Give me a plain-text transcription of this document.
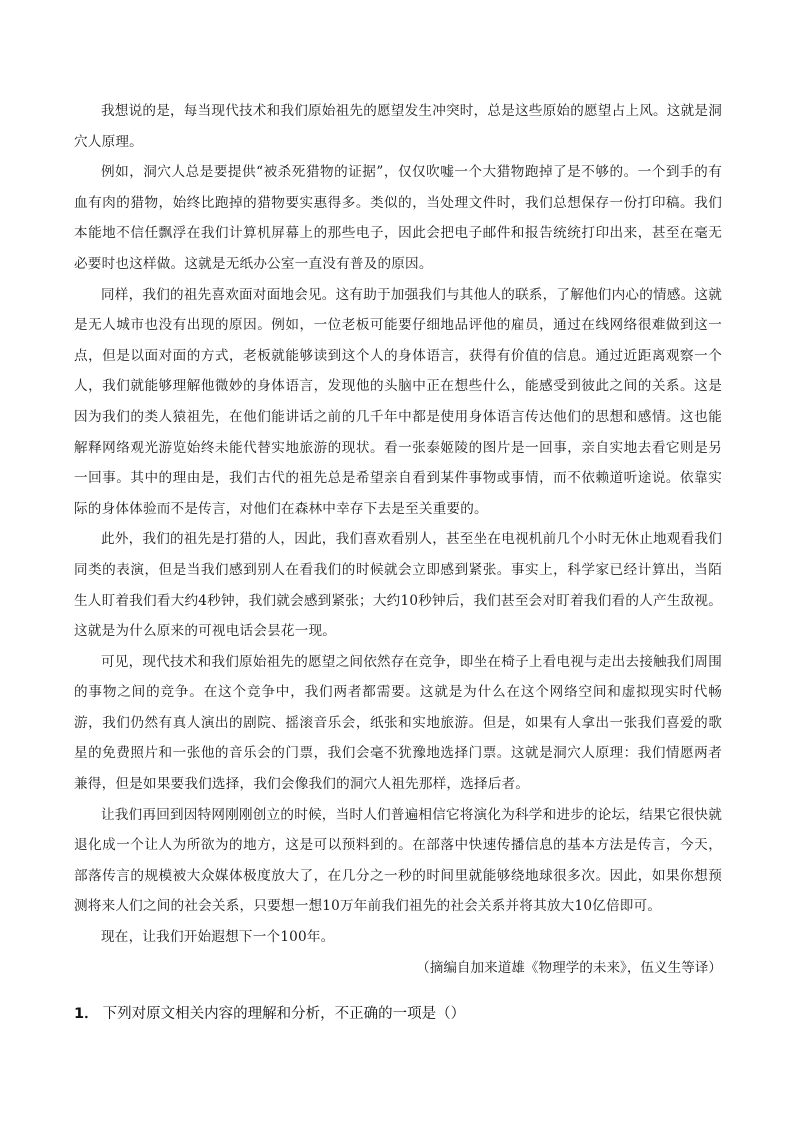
我想说的是，每当现代技术和我们原始祖先的愿望发生冲突时，总是这些原始的愿望占上风。这就是洞穴人原理。

例如，洞穴人总是要提供“被杀死猎物的证据”，仅仅吹嘘一个大猎物跑掉了是不够的。一个到手的有血有肉的猎物，始终比跑掉的猎物要实惠得多。类似的，当处理文件时，我们总想保存一份打印稿。我们本能地不信任飘浮在我们计算机屏幕上的那些电子，因此会把电子邮件和报告统统打印出来，甚至在毫无必要时也这样做。这就是无纸办公室一直没有普及的原因。

同样，我们的祖先喜欢面对面地会见。这有助于加强我们与其他人的联系，了解他们内心的情感。这就是无人城市也没有出现的原因。例如，一位老板可能要仔细地品评他的雇员，通过在线网络很难做到这一点，但是以面对面的方式，老板就能够读到这个人的身体语言，获得有价值的信息。通过近距离观察一个人，我们就能够理解他微妙的身体语言，发现他的头脑中正在想些什么，能感受到彼此之间的关系。这是因为我们的类人猿祖先，在他们能讲话之前的几千年中都是使用身体语言传达他们的思想和感情。这也能解释网络观光游览始终未能代替实地旅游的现状。看一张泰姬陵的图片是一回事，亲自实地去看它则是另一回事。其中的理由是，我们古代的祖先总是希望亲自看到某件事物或事情，而不依赖道听途说。依靠实际的身体体验而不是传言，对他们在森林中幸存下去是至关重要的。

此外，我们的祖先是打猎的人，因此，我们喜欢看别人，甚至坐在电视机前几个小时无休止地观看我们同类的表演，但是当我们感到别人在看我们的时候就会立即感到紧张。事实上，科学家已经计算出，当陌生人盯着我们看大约4秒钟，我们就会感到紧张；大约10秒钟后，我们甚至会对盯着我们看的人产生敌视。这就是为什么原来的可视电话会昙花一现。

可见，现代技术和我们原始祖先的愿望之间依然存在竞争，即坐在椅子上看电视与走出去接触我们周围的事物之间的竞争。在这个竞争中，我们两者都需要。这就是为什么在这个网络空间和虚拟现实时代畅游，我们仍然有真人演出的剧院、摇滚音乐会，纸张和实地旅游。但是，如果有人拿出一张我们喜爱的歌星的免费照片和一张他的音乐会的门票，我们会毫不犹豫地选择门票。这就是洞穴人原理：我们情愿两者兼得，但是如果要我们选择，我们会像我们的洞穴人祖先那样，选择后者。

让我们再回到因特网刚刚创立的时候，当时人们普遍相信它将演化为科学和进步的论坛，结果它很快就退化成一个让人为所欲为的地方，这是可以预料到的。在部落中快速传播信息的基本方法是传言，今天，部落传言的规模被大众媒体极度放大了，在几分之一秒的时间里就能够绕地球很多次。因此，如果你想预测将来人们之间的社会关系，只要想一想10万年前我们祖先的社会关系并将其放大10亿倍即可。

现在，让我们开始遐想下一个100年。

（摘编自加来道雄《物理学的未来》，伍义生等译）

1． 下列对原文相关内容的理解和分析，不正确的一项是（）
